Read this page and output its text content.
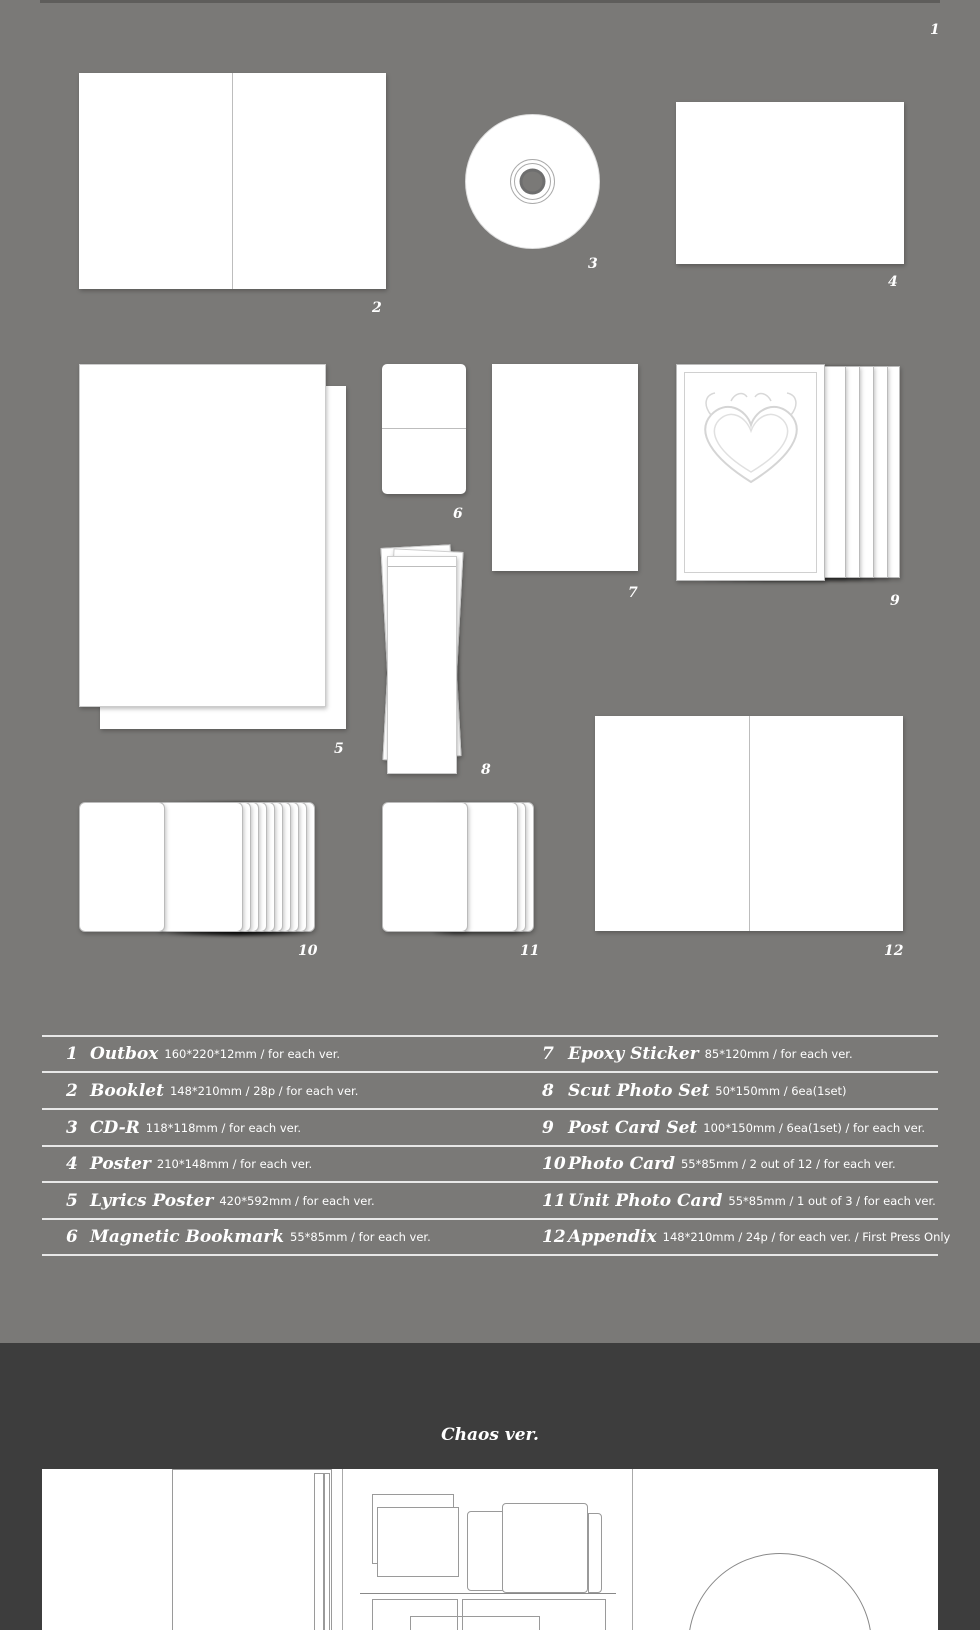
1
2
3
4
5
6
7
8
9
10	11	12
1 Outbox 160*220*12mm / for each ver.
2 Booklet 148*210mm / 28p / for each ver.
3 CD-R 118*118mm / for each ver.
4 Poster 210*148mm / for each ver.
5 Lyrics Poster 420*592mm / for each ver.
6 Magnetic Bookmark 55*85mm / for each ver.
7 Epoxy Sticker 85*120mm / for each ver.
8 Scut Photo Set 50*150mm / 6ea(1set)
9 Post Card Set 100*150mm / 6ea(1set) / for each ver.
10 Photo Card 55*85mm / 2 out of 12 / for each ver.
11 Unit Photo Card 55*85mm / 1 out of 3 / for each ver.
12 Appendix 148*210mm / 24p / for each ver. / First Press Only
Chaos ver.
